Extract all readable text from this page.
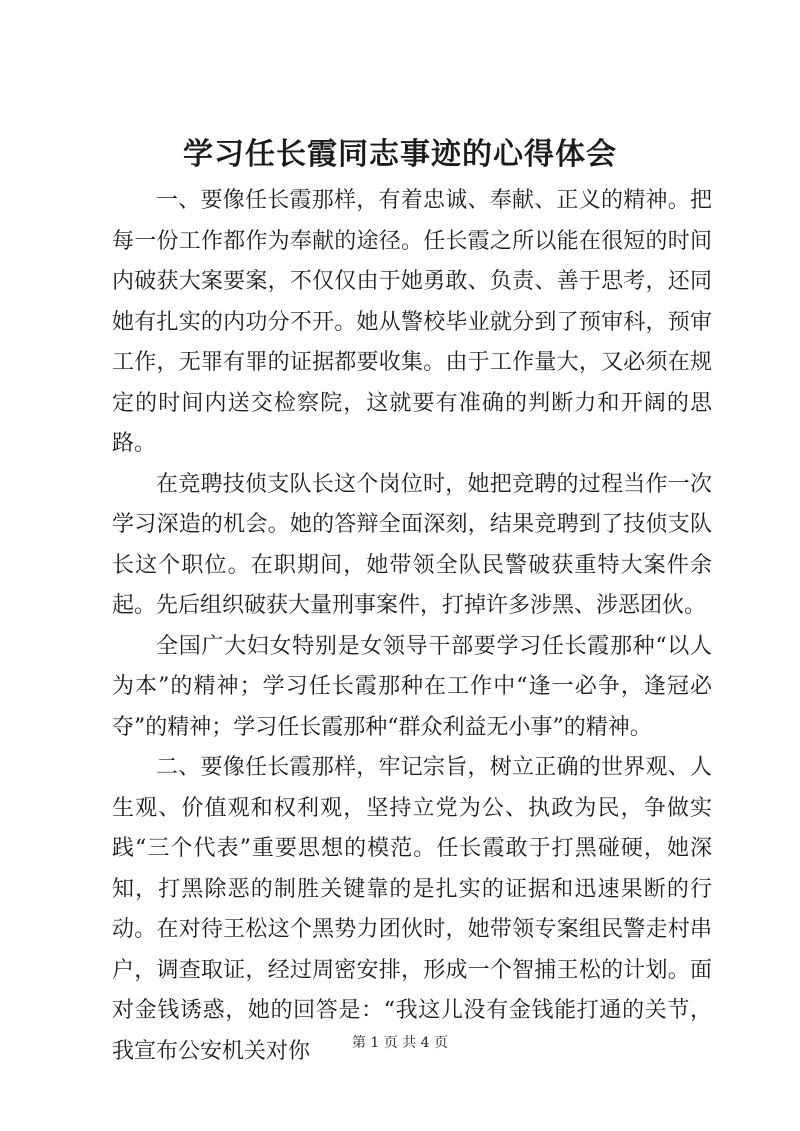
学习任长霞同志事迹的心得体会

一、要像任长霞那样，有着忠诚、奉献、正义的精神。把每一份工作都作为奉献的途径。任长霞之所以能在很短的时间内破获大案要案，不仅仅由于她勇敢、负责、善于思考，还同她有扎实的内功分不开。她从警校毕业就分到了预审科，预审工作，无罪有罪的证据都要收集。由于工作量大，又必须在规定的时间内送交检察院，这就要有准确的判断力和开阔的思路。

在竞聘技侦支队长这个岗位时，她把竞聘的过程当作一次学习深造的机会。她的答辩全面深刻，结果竞聘到了技侦支队长这个职位。在职期间，她带领全队民警破获重特大案件余起。先后组织破获大量刑事案件，打掉许多涉黑、涉恶团伙。

全国广大妇女特别是女领导干部要学习任长霞那种“以人为本”的精神；学习任长霞那种在工作中“逢一必争，逢冠必夺”的精神；学习任长霞那种“群众利益无小事”的精神。

二、要像任长霞那样，牢记宗旨，树立正确的世界观、人生观、价值观和权利观，坚持立党为公、执政为民，争做实践“三个代表”重要思想的模范。任长霞敢于打黑碰硬，她深知，打黑除恶的制胜关键靠的是扎实的证据和迅速果断的行动。在对待王松这个黑势力团伙时，她带领专案组民警走村串户，调查取证，经过周密安排，形成一个智捕王松的计划。面对金钱诱惑，她的回答是：“我这儿没有金钱能打通的关节，我宣布公安机关对你	第 1 页 共 4 页
